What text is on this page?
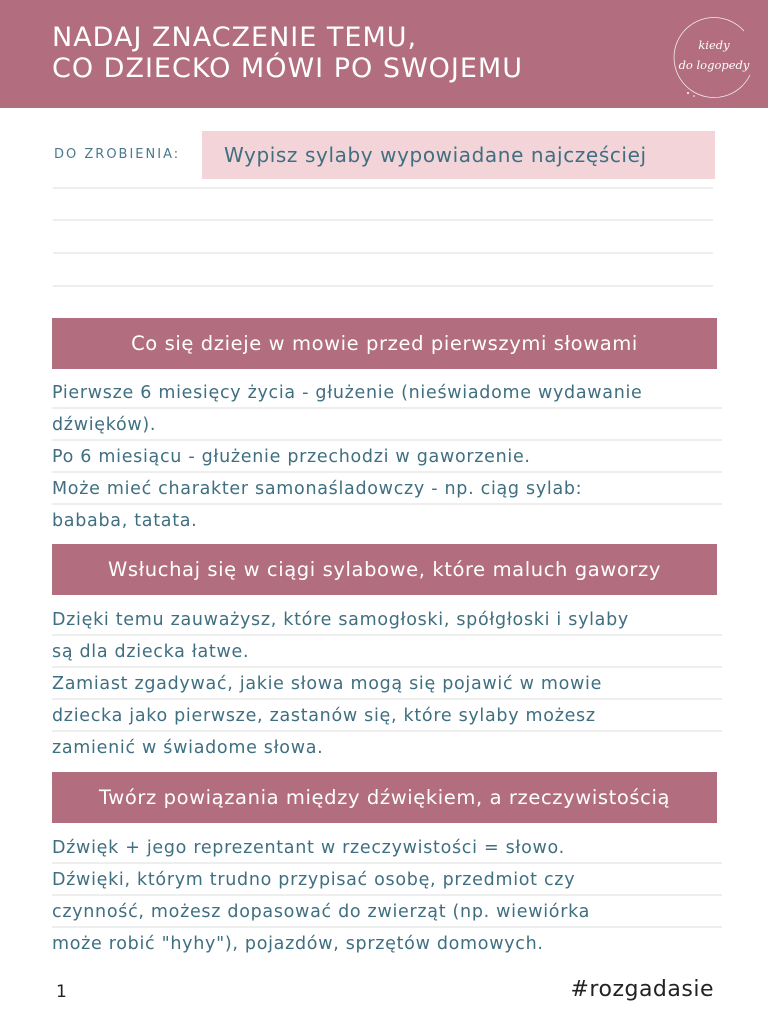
NADAJ ZNACZENIE TEMU,
CO DZIECKO MÓWI PO SWOJEMU
kiedy
do logopedy
DO ZROBIENIA: Wypisz sylaby wypowiadane najczęściej
Co się dzieje w mowie przed pierwszymi słowami
Pierwsze 6 miesięcy życia - głużenie (nieświadome wydawanie
dźwięków).
Po 6 miesiącu - głużenie przechodzi w gaworzenie.
Może mieć charakter samonaśladowczy - np. ciąg sylab:
bababa, tatata.
Wsłuchaj się w ciągi sylabowe, które maluch gaworzy
Dzięki temu zauważysz, które samogłoski, spółgłoski i sylaby
są dla dziecka łatwe.
Zamiast zgadywać, jakie słowa mogą się pojawić w mowie
dziecka jako pierwsze, zastanów się, które sylaby możesz
zamienić w świadome słowa.
Twórz powiązania między dźwiękiem, a rzeczywistością
Dźwięk + jego reprezentant w rzeczywistości = słowo.
Dźwięki, którym trudno przypisać osobę, przedmiot czy
czynność, możesz dopasować do zwierząt (np. wiewiórka
może robić "hyhy"), pojazdów, sprzętów domowych.
1	#rozgadasie
